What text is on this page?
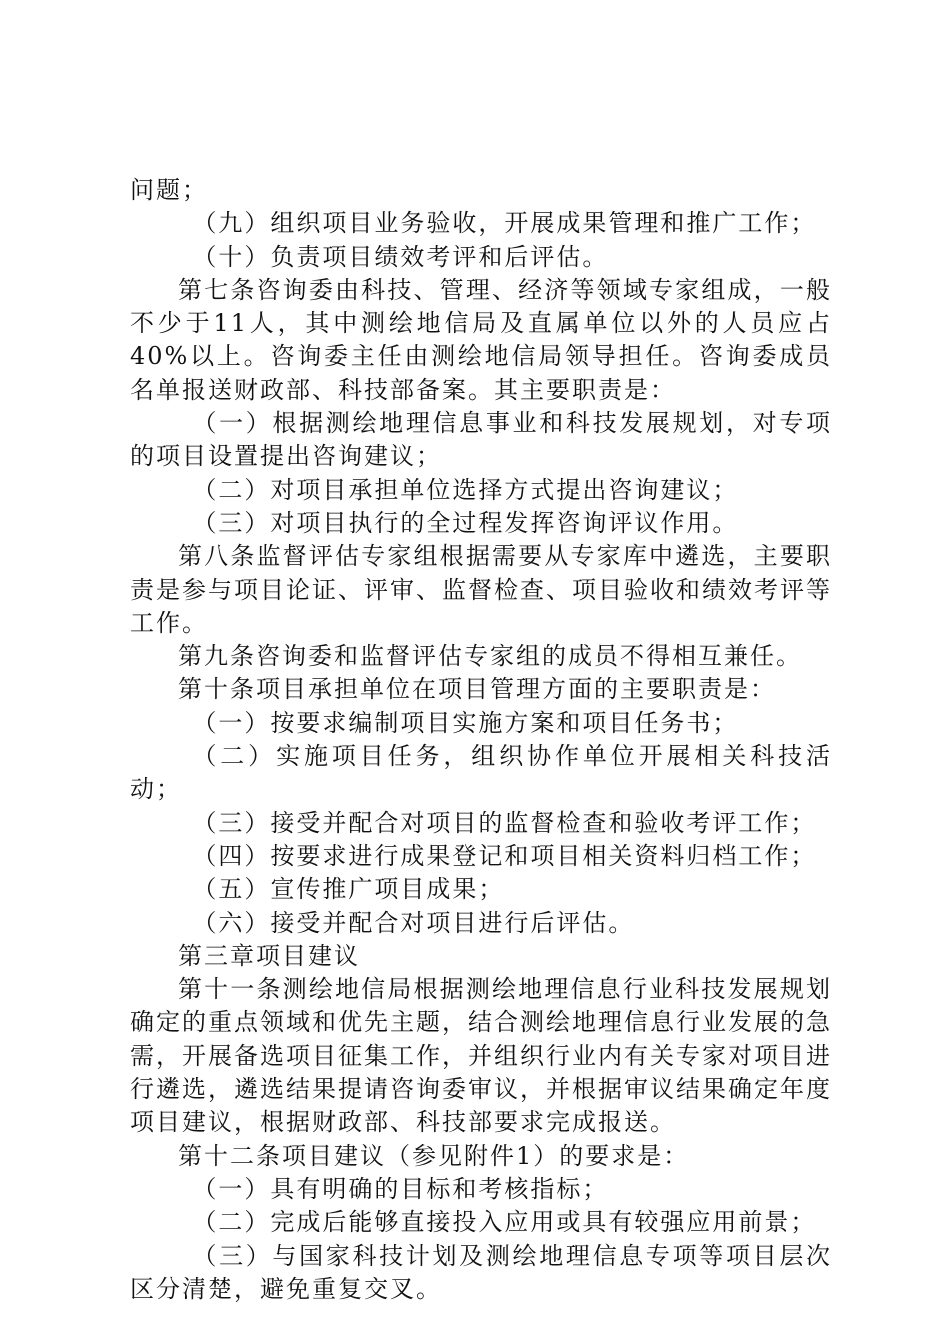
问题；

（九）组织项目业务验收，开展成果管理和推广工作；

（十）负责项目绩效考评和后评估。

第七条咨询委由科技、管理、经济等领域专家组成，一般不少于11人，其中测绘地信局及直属单位以外的人员应占40%以上。咨询委主任由测绘地信局领导担任。咨询委成员名单报送财政部、科技部备案。其主要职责是：

（一）根据测绘地理信息事业和科技发展规划，对专项的项目设置提出咨询建议；

（二）对项目承担单位选择方式提出咨询建议；

（三）对项目执行的全过程发挥咨询评议作用。

第八条监督评估专家组根据需要从专家库中遴选，主要职责是参与项目论证、评审、监督检查、项目验收和绩效考评等工作。

第九条咨询委和监督评估专家组的成员不得相互兼任。

第十条项目承担单位在项目管理方面的主要职责是：

（一）按要求编制项目实施方案和项目任务书；

（二）实施项目任务，组织协作单位开展相关科技活动；

（三）接受并配合对项目的监督检查和验收考评工作；

（四）按要求进行成果登记和项目相关资料归档工作；

（五）宣传推广项目成果；

（六）接受并配合对项目进行后评估。

第三章项目建议

第十一条测绘地信局根据测绘地理信息行业科技发展规划确定的重点领域和优先主题，结合测绘地理信息行业发展的急需，开展备选项目征集工作，并组织行业内有关专家对项目进行遴选，遴选结果提请咨询委审议，并根据审议结果确定年度项目建议，根据财政部、科技部要求完成报送。

第十二条项目建议（参见附件1）的要求是：

（一）具有明确的目标和考核指标；

（二）完成后能够直接投入应用或具有较强应用前景；

（三）与国家科技计划及测绘地理信息专项等项目层次区分清楚，避免重复交叉。
